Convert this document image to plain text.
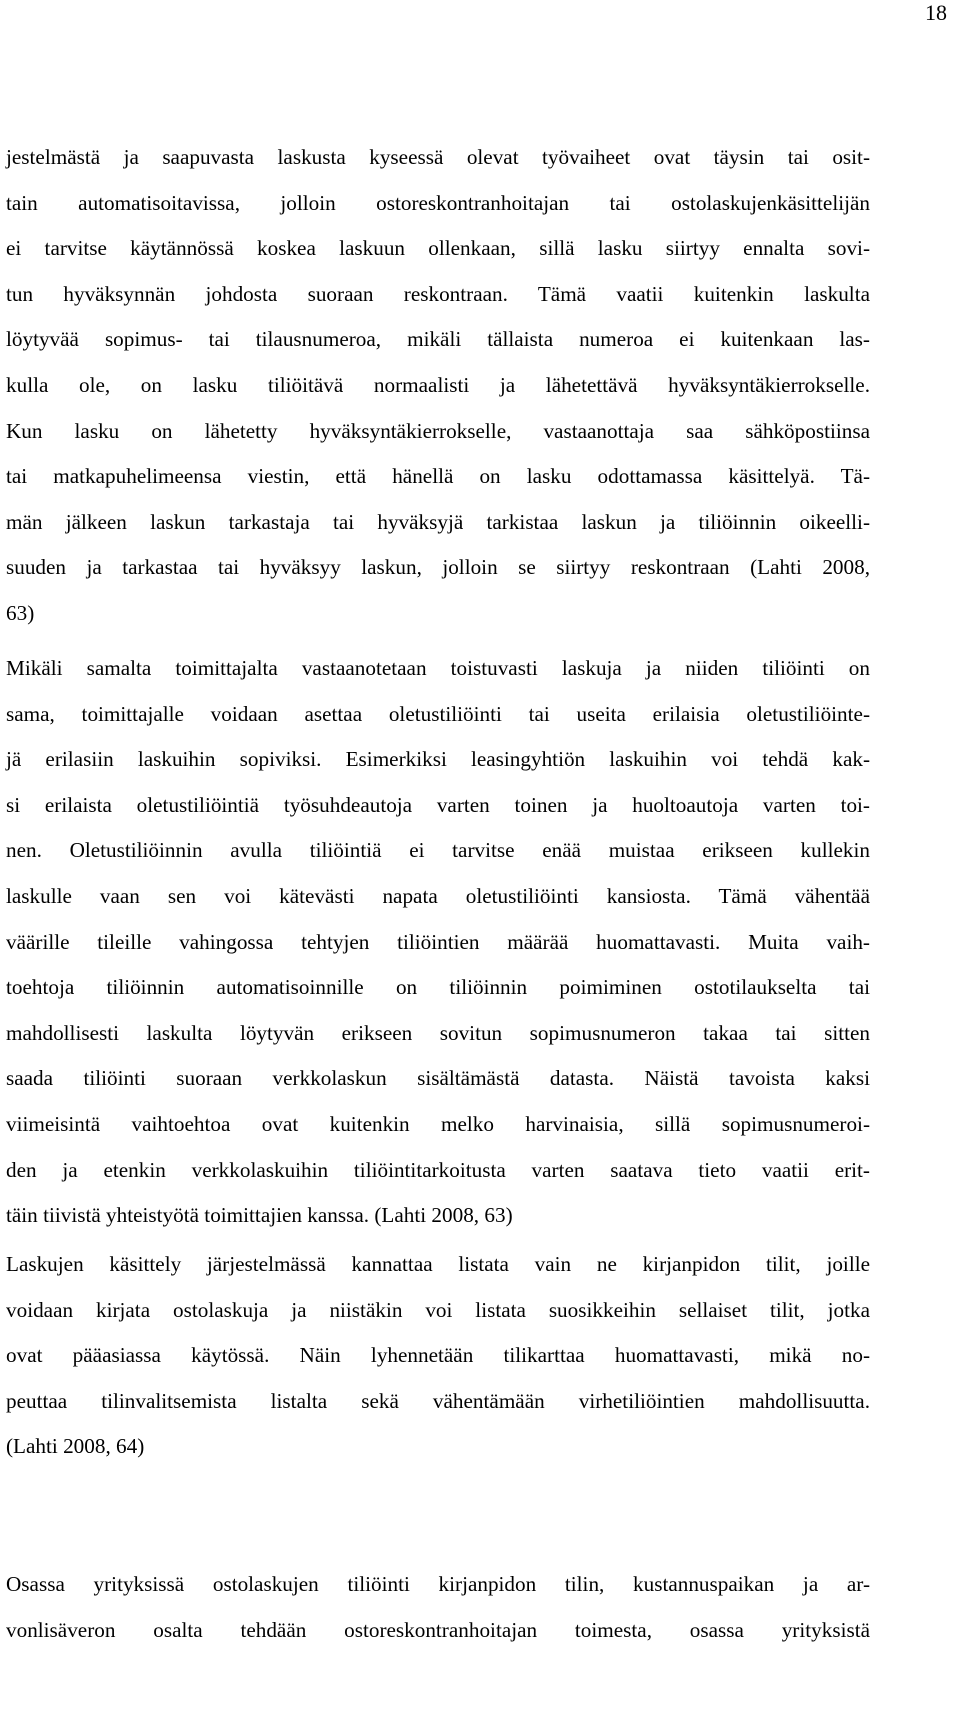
18
jestelmästä ja saapuvasta laskusta kyseessä olevat työvaiheet ovat täysin tai osit-
tain automatisoitavissa, jolloin ostoreskontranhoitajan tai ostolaskujenkäsittelijän
ei tarvitse käytännössä koskea laskuun ollenkaan, sillä lasku siirtyy ennalta sovi-
tun hyväksynnän johdosta suoraan reskontraan. Tämä vaatii kuitenkin laskulta
löytyvää sopimus- tai tilausnumeroa, mikäli tällaista numeroa ei kuitenkaan las-
kulla ole, on lasku tiliöitävä normaalisti ja lähetettävä hyväksyntäkierrokselle.
Kun lasku on lähetetty hyväksyntäkierrokselle, vastaanottaja saa sähköpostiinsa
tai matkapuhelimeensa viestin, että hänellä on lasku odottamassa käsittelyä. Tä-
män jälkeen laskun tarkastaja tai hyväksyjä tarkistaa laskun ja tiliöinnin oikeelli-
suuden ja tarkastaa tai hyväksyy laskun, jolloin se siirtyy reskontraan (Lahti 2008,
63)
Mikäli samalta toimittajalta vastaanotetaan toistuvasti laskuja ja niiden tiliöinti on
sama, toimittajalle voidaan asettaa oletustiliöinti tai useita erilaisia oletustiliöinte-
jä erilasiin laskuihin sopiviksi. Esimerkiksi leasingyhtiön laskuihin voi tehdä kak-
si erilaista oletustiliöintiä työsuhdeautoja varten toinen ja huoltoautoja varten toi-
nen. Oletustiliöinnin avulla tiliöintiä ei tarvitse enää muistaa erikseen kullekin
laskulle vaan sen voi kätevästi napata oletustiliöinti kansiosta. Tämä vähentää
väärille tileille vahingossa tehtyjen tiliöintien määrää huomattavasti. Muita vaih-
toehtoja tiliöinnin automatisoinnille on tiliöinnin poimiminen ostotilaukselta tai
mahdollisesti laskulta löytyvän erikseen sovitun sopimusnumeron takaa tai sitten
saada tiliöinti suoraan verkkolaskun sisältämästä datasta. Näistä tavoista kaksi
viimeisintä vaihtoehtoa ovat kuitenkin melko harvinaisia, sillä sopimusnumeroi-
den ja etenkin verkkolaskuihin tiliöintitarkoitusta varten saatava tieto vaatii erit-
täin tiivistä yhteistyötä toimittajien kanssa. (Lahti 2008, 63)
Laskujen käsittely järjestelmässä kannattaa listata vain ne kirjanpidon tilit, joille
voidaan kirjata ostolaskuja ja niistäkin voi listata suosikkeihin sellaiset tilit, jotka
ovat pääasiassa käytössä. Näin lyhennetään tilikarttaa huomattavasti, mikä no-
peuttaa tilinvalitsemista listalta sekä vähentämään virhetiliöintien mahdollisuutta.
(Lahti 2008, 64)
Osassa yrityksissä ostolaskujen tiliöinti kirjanpidon tilin, kustannuspaikan ja ar-
vonlisäveron osalta tehdään ostoreskontranhoitajan toimesta, osassa yrityksistä
